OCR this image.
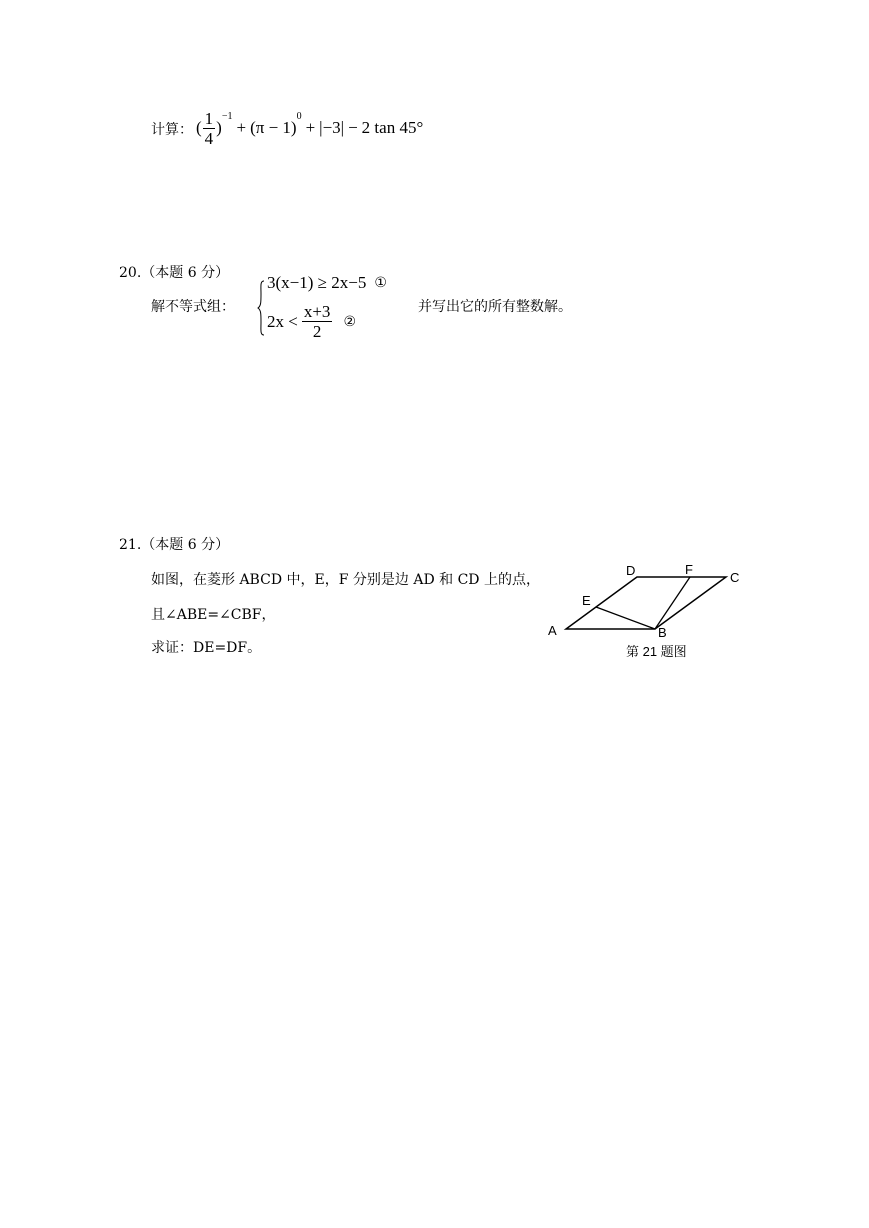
计算： ( $\frac{1}{4}$ )
$^{-1}$
+ (π − 1)
$^0$
+ |−3| − 2 tan 45°
20.（本题 6 分）
解不等式组：
3(x−1) ≥ 2x−5 ①
$2x < \frac{x+3}{2}$ ②
并写出它的所有整数解。
21.（本题 6 分）
如图，在菱形 ABCD 中，E，F 分别是边 AD 和 CD 上的点，
且∠ABE=∠CBF，
求证：DE=DF。
A	B
C
D
E
F
第 21 题图
